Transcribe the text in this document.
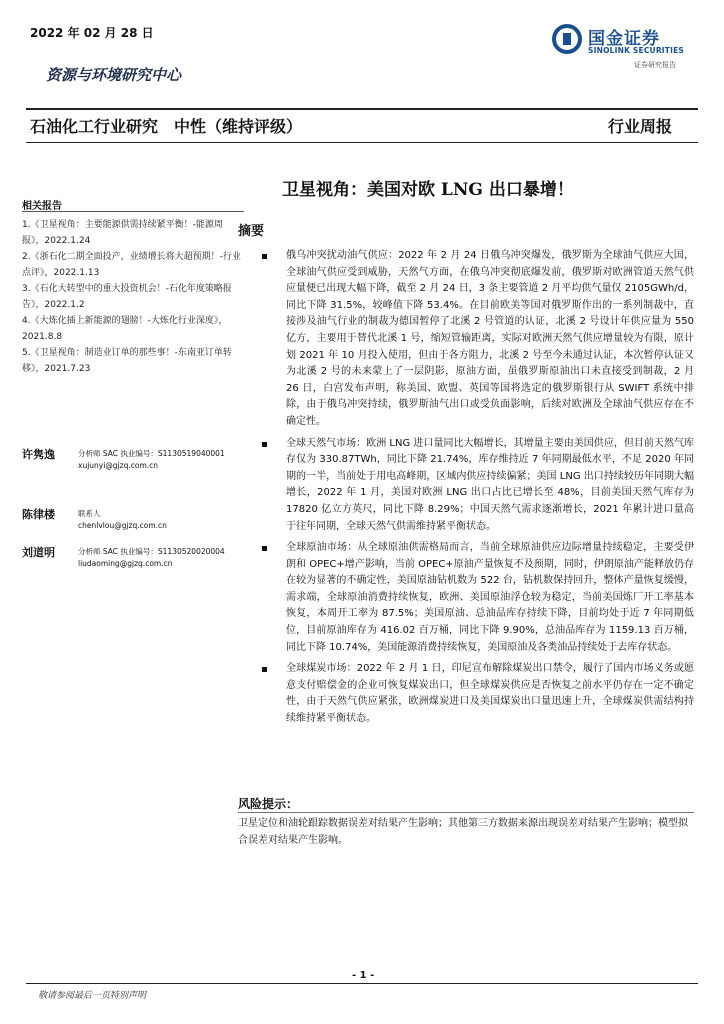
2022 年 02 月 28 日	国金证券
SINOLINK SECURITIES
证券研究报告
资源与环境研究中心
石油化工行业研究　中性（维持评级）	行业周报
卫星视角：美国对欧 LNG 出口暴增！
相关报告
1.《卫星视角：主要能源供需持续紧平衡！-能源周报》，2022.1.24
2.《浙石化二期全面投产，业绩增长将大超预期！-行业点评》，2022.1.13
3.《石化大转型中的重大投资机会！-石化年度策略报告》，2022.1.2
4.《大炼化插上新能源的翅膀！-大炼化行业深度》，2021.8.8
5.《卫星视角：制造业订单的那些事！-东南亚订单转移》，2021.7.23
许隽逸	分析师 SAC 执业编号：S1130519040001
xujunyi@gjzq.com.cn
陈律楼	联系人
chenlvlou@gjzq.com.cn
刘道明	分析师 SAC 执业编号：S1130520020004
liudaoming@gjzq.com.cn
摘要
俄乌冲突扰动油气供应：2022 年 2 月 24 日俄乌冲突爆发，俄罗斯为全球油气供应大国，全球油气供应受到威胁，天然气方面，在俄乌冲突彻底爆发前，俄罗斯对欧洲管道天然气供应量便已出现大幅下降，截至 2 月 24 日，3 条主要管道 2 月平均供气量仅 2105GWh/d，同比下降 31.5%，较峰值下降 53.4%。在目前欧美等国对俄罗斯作出的一系列制裁中，直接涉及油气行业的制裁为德国暂停了北溪 2 号管道的认证，北溪 2 号设计年供应量为 550 亿方，主要用于替代北溪 1 号，缩短管输距离，实际对欧洲天然气供应增量较为有限，原计划 2021 年 10 月投入使用，但由于各方阻力，北溪 2 号至今未通过认证，本次暂停认证又为北溪 2 号的未来蒙上了一层阴影，原油方面，虽俄罗斯原油出口未直接受到制裁，2 月 26 日，白宫发布声明，称美国、欧盟、英国等国将选定的俄罗斯银行从 SWIFT 系统中排除，由于俄乌冲突持续，俄罗斯油气出口或受负面影响，后续对欧洲及全球油气供应存在不确定性。
全球天然气市场：欧洲 LNG 进口量同比大幅增长，其增量主要由美国供应，但目前天然气库存仅为 330.87TWh，同比下降 21.74%，库存维持近 7 年同期最低水平，不足 2020 年同期的一半，当前处于用电高峰期，区域内供应持续偏紧；美国 LNG 出口持续较历年同期大幅增长，2022 年 1 月，美国对欧洲 LNG 出口占比已增长至 48%，目前美国天然气库存为 17820 亿立方英尺，同比下降 8.29%；中国天然气需求逐渐增长，2021 年累计进口量高于往年同期，全球天然气供需维持紧平衡状态。
全球原油市场：从全球原油供需格局而言，当前全球原油供应边际增量持续稳定，主要受伊朗和 OPEC+增产影响，当前 OPEC+原油产量恢复不及预期，同时，伊朗原油产能释放仍存在较为显著的不确定性，美国原油钻机数为 522 台，钻机数保持回升，整体产量恢复缓慢，需求端，全球原油消费持续恢复，欧洲、美国原油浮仓较为稳定，当前美国炼厂开工率基本恢复，本周开工率为 87.5%；美国原油、总油品库存持续下降，目前均处于近 7 年同期低位，目前原油库存为 416.02 百万桶，同比下降 9.90%，总油品库存为 1159.13 百万桶，同比下降 10.74%，美国能源消费持续恢复，美国原油及各类油品持续处于去库存状态。
全球煤炭市场：2022 年 2 月 1 日，印尼宣布解除煤炭出口禁令，履行了国内市场义务或愿意支付赔偿金的企业可恢复煤炭出口，但全球煤炭供应是否恢复之前水平仍存在一定不确定性，由于天然气供应紧张，欧洲煤炭进口及美国煤炭出口量迅速上升，全球煤炭供需结构持续维持紧平衡状态。
风险提示：
卫星定位和油轮跟踪数据误差对结果产生影响；其他第三方数据来源出现误差对结果产生影响；模型拟合误差对结果产生影响。
- 1 -
敬请参阅最后一页特别声明
